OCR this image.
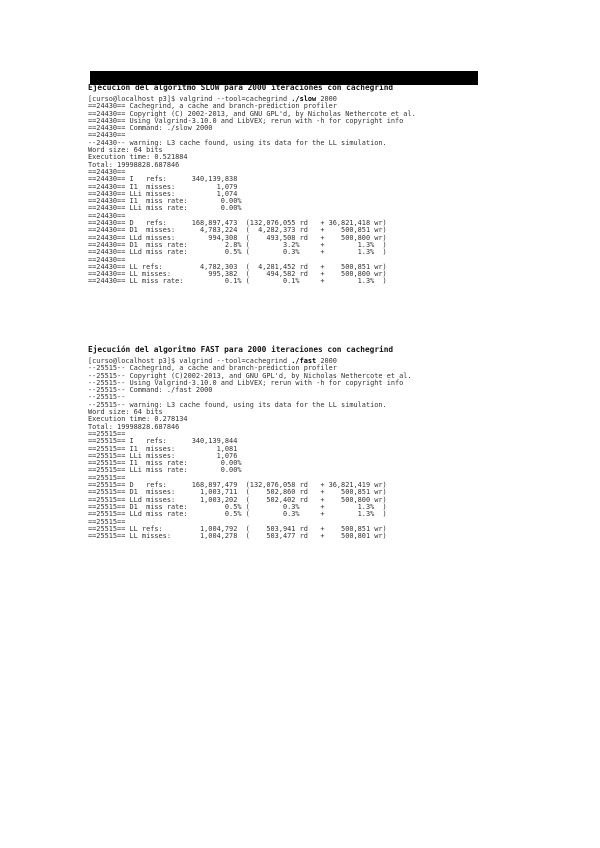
Ejecución del algoritmo SLOW para 2000 iteraciones con cachegrind
[curso@localhost p3]$ valgrind --tool=cachegrind ./slow 2000
==24430== Cachegrind, a cache and branch-prediction profiler
==24430== Copyright (C) 2002-2013, and GNU GPL'd, by Nicholas Nethercote et al.
==24430== Using Valgrind-3.10.0 and LibVEX; rerun with -h for copyright info
==24430== Command: ./slow 2000
==24430==
--24430-- warning: L3 cache found, using its data for the LL simulation.
Word size: 64 bits
Execution time: 0.521884
Total: 19998828.687846
==24430==
==24430== I   refs:      340,139,838
==24430== I1  misses:          1,079
==24430== LLi misses:          1,074
==24430== I1  miss rate:        0.00%
==24430== LLi miss rate:        0.00%
==24430==
==24430== D   refs:      168,897,473  (132,076,055 rd   + 36,821,418 wr)
==24430== D1  misses:      4,783,224  (  4,282,373 rd   +    500,851 wr)
==24430== LLd misses:        994,308  (    493,508 rd   +    500,800 wr)
==24430== D1  miss rate:         2.8% (        3.2%     +        1.3%  )
==24430== LLd miss rate:         0.5% (        0.3%     +        1.3%  )
==24430==
==24430== LL refs:         4,782,303  (  4,281,452 rd   +    500,851 wr)
==24430== LL misses:         995,382  (    494,582 rd   +    500,800 wr)
==24430== LL miss rate:          0.1% (        0.1%     +        1.3%  )
Ejecución del algoritmo FAST para 2000 iteraciones con cachegrind
[curso@localhost p3]$ valgrind --tool=cachegrind ./fast 2000
--25515-- Cachegrind, a cache and branch-prediction profiler
--25515-- Copyright (C)2002-2013, and GNU GPL'd, by Nicholas Nethercote et al.
--25515-- Using Valgrind-3.10.0 and LibVEX; rerun with -h for copyright info
--25515-- Command: ./fast 2000
--25515--
--25515-- warning: L3 cache found, using its data for the LL simulation.
Word size: 64 bits
Execution time: 0.278134
Total: 19998828.687846
==25515==
==25515== I   refs:      340,139,844
==25515== I1  misses:          1,081
==25515== LLi misses:          1,076
==25515== I1  miss rate:        0.00%
==25515== LLi miss rate:        0.00%
==25515==
==25515== D   refs:      168,897,479  (132,076,058 rd   + 36,821,419 wr)
==25515== D1  misses:      1,003,711  (    502,860 rd   +    500,851 wr)
==25515== LLd misses:      1,003,202  (    502,402 rd   +    500,800 wr)
==25515== D1  miss rate:         0.5% (        0.3%     +        1.3%  )
==25515== LLd miss rate:         0.5% (        0.3%     +        1.3%  )
==25515==
==25515== LL refs:         1,004,792  (    503,941 rd   +    500,851 wr)
==25515== LL misses:       1,004,278  (    503,477 rd   +    500,801 wr)
